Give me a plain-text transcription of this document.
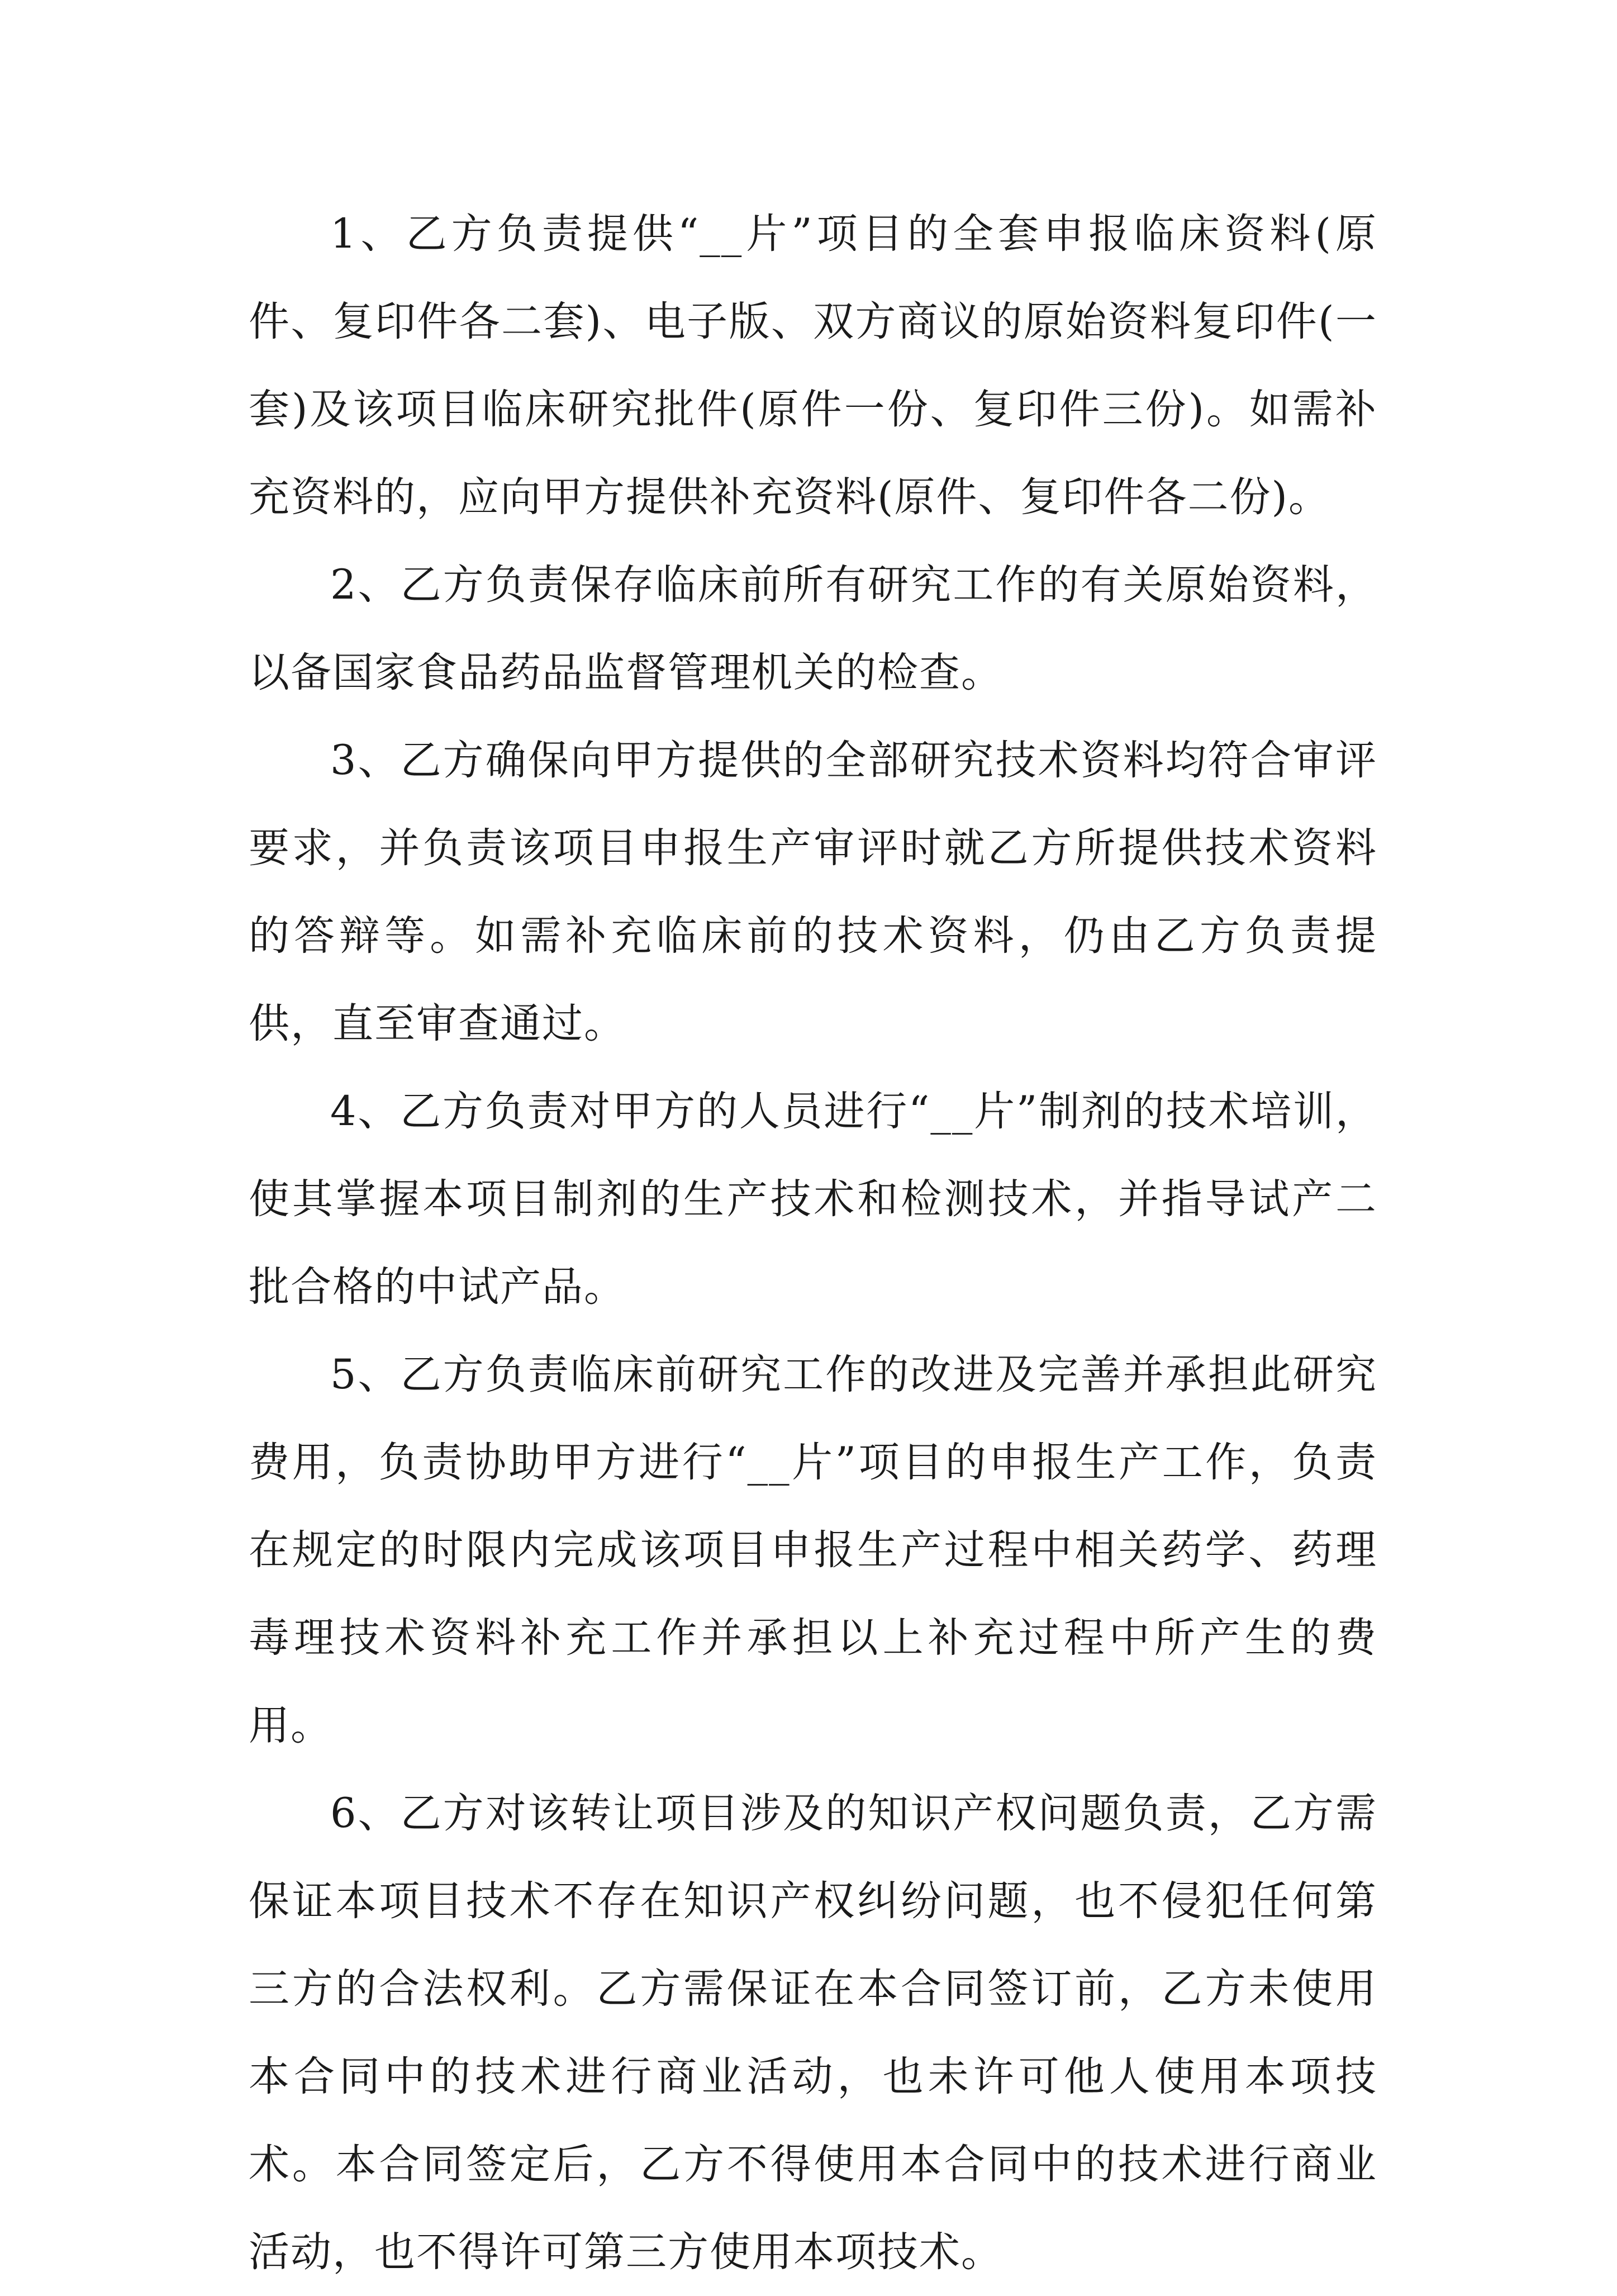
1、乙方负责提供“__片”项目的全套申报临床资料(原件、复印件各二套)、电子版、双方商议的原始资料复印件(一套)及该项目临床研究批件(原件一份、复印件三份)。如需补充资料的，应向甲方提供补充资料(原件、复印件各二份)。

2、乙方负责保存临床前所有研究工作的有关原始资料，以备国家食品药品监督管理机关的检查。

3、乙方确保向甲方提供的全部研究技术资料均符合审评要求，并负责该项目申报生产审评时就乙方所提供技术资料的答辩等。如需补充临床前的技术资料，仍由乙方负责提供，直至审查通过。

4、乙方负责对甲方的人员进行“__片”制剂的技术培训，使其掌握本项目制剂的生产技术和检测技术，并指导试产二批合格的中试产品。

5、乙方负责临床前研究工作的改进及完善并承担此研究费用，负责协助甲方进行“__片”项目的申报生产工作，负责在规定的时限内完成该项目申报生产过程中相关药学、药理毒理技术资料补充工作并承担以上补充过程中所产生的费用。

6、乙方对该转让项目涉及的知识产权问题负责，乙方需保证本项目技术不存在知识产权纠纷问题，也不侵犯任何第三方的合法权利。乙方需保证在本合同签订前，乙方未使用本合同中的技术进行商业活动，也未许可他人使用本项技术。本合同签定后，乙方不得使用本合同中的技术进行商业活动，也不得许可第三方使用本项技术。
